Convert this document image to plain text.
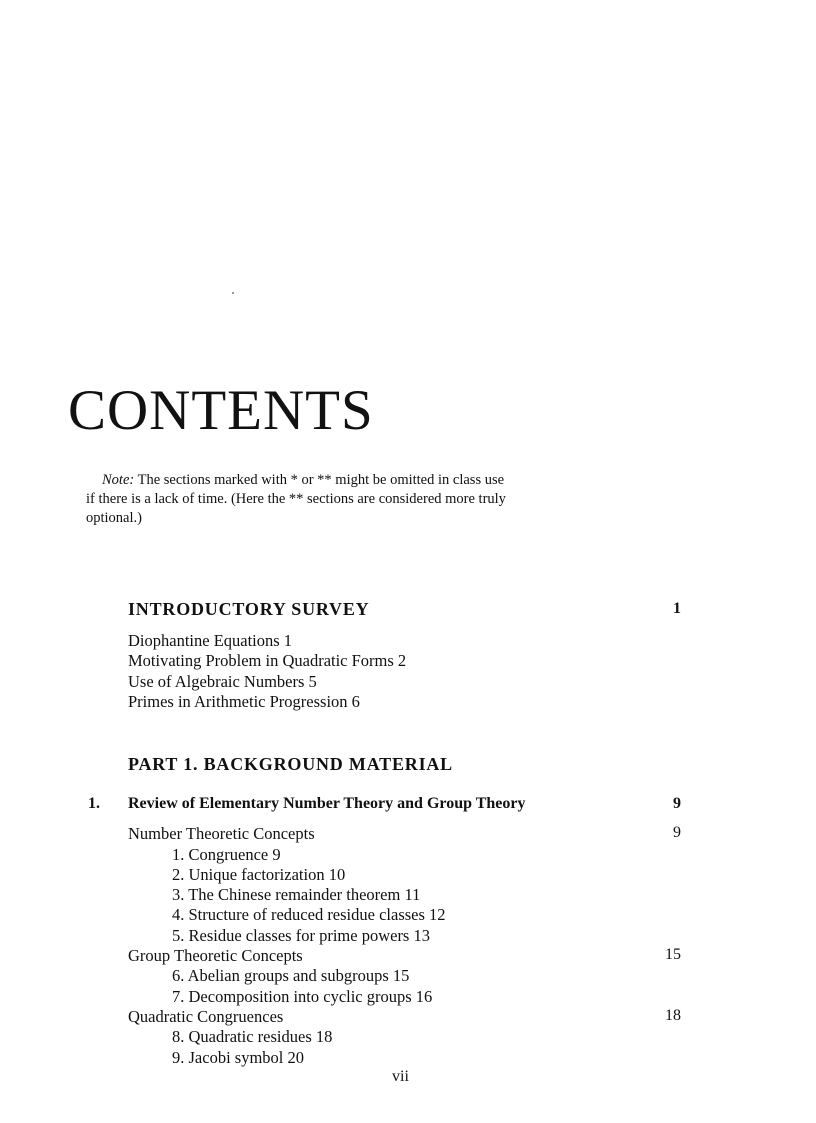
CONTENTS
Note: The sections marked with * or ** might be omitted in class use
if there is a lack of time. (Here the ** sections are considered more truly
optional.)
INTRODUCTORY SURVEY	1
Diophantine Equations 1
Motivating Problem in Quadratic Forms 2
Use of Algebraic Numbers 5
Primes in Arithmetic Progression 6
PART 1. BACKGROUND MATERIAL
1. Review of Elementary Number Theory and Group Theory	9
Number Theoretic Concepts	9
1. Congruence 9
2. Unique factorization 10
3. The Chinese remainder theorem 11
4. Structure of reduced residue classes 12
5. Residue classes for prime powers 13
Group Theoretic Concepts	15
6. Abelian groups and subgroups 15
7. Decomposition into cyclic groups 16
Quadratic Congruences	18
8. Quadratic residues 18
9. Jacobi symbol 20
vii
